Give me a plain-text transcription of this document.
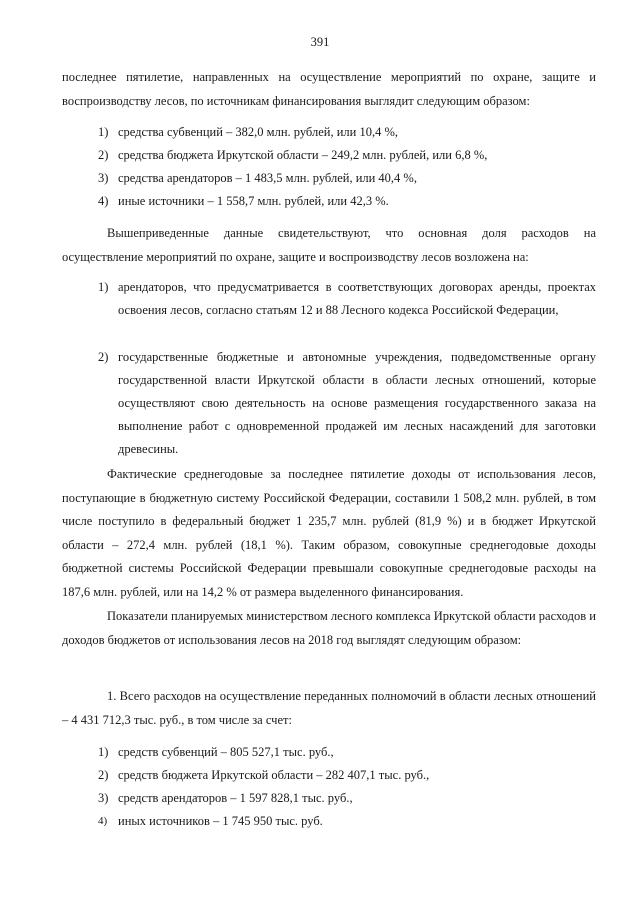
391

последнее пятилетие, направленных на осуществление мероприятий по охране, защите и воспроизводству лесов, по источникам финансирования выглядит следующим образом:

1) средства субвенций – 382,0 млн. рублей, или 10,4 %,
2) средства бюджета Иркутской области – 249,2 млн. рублей, или 6,8 %,
3) средства арендаторов – 1 483,5 млн. рублей, или 40,4 %,
4) иные источники – 1 558,7 млн. рублей, или 42,3 %.

Вышеприведенные данные свидетельствуют, что основная доля расходов на осуществление мероприятий по охране, защите и воспроизводству лесов возложена на:

1) арендаторов, что предусматривается в соответствующих договорах аренды, проектах освоения лесов, согласно статьям 12 и 88 Лесного кодекса Российской Федерации,
2) государственные бюджетные и автономные учреждения, подведомственные органу государственной власти Иркутской области в области лесных отношений, которые осуществляют свою деятельность на основе размещения государственного заказа на выполнение работ с одновременной продажей им лесных насаждений для заготовки древесины.

Фактические среднегодовые за последнее пятилетие доходы от использования лесов, поступающие в бюджетную систему Российской Федерации, составили 1 508,2 млн. рублей, в том числе поступило в федеральный бюджет 1 235,7 млн. рублей (81,9 %) и в бюджет Иркутской области – 272,4 млн. рублей (18,1 %). Таким образом, совокупные среднегодовые доходы бюджетной системы Российской Федерации превышали совокупные среднегодовые расходы на 187,6 млн. рублей, или на 14,2 % от размера выделенного финансирования.

Показатели планируемых министерством лесного комплекса Иркутской области расходов и доходов бюджетов от использования лесов на 2018 год выглядят следующим образом:

1. Всего расходов на осуществление переданных полномочий в области лесных отношений – 4 431 712,3 тыс. руб., в том числе за счет:

1) средств субвенций – 805 527,1 тыс. руб.,
2) средств бюджета Иркутской области – 282 407,1 тыс. руб.,
3) средств арендаторов – 1 597 828,1 тыс. руб.,
4) иных источников – 1 745 950 тыс. руб.
